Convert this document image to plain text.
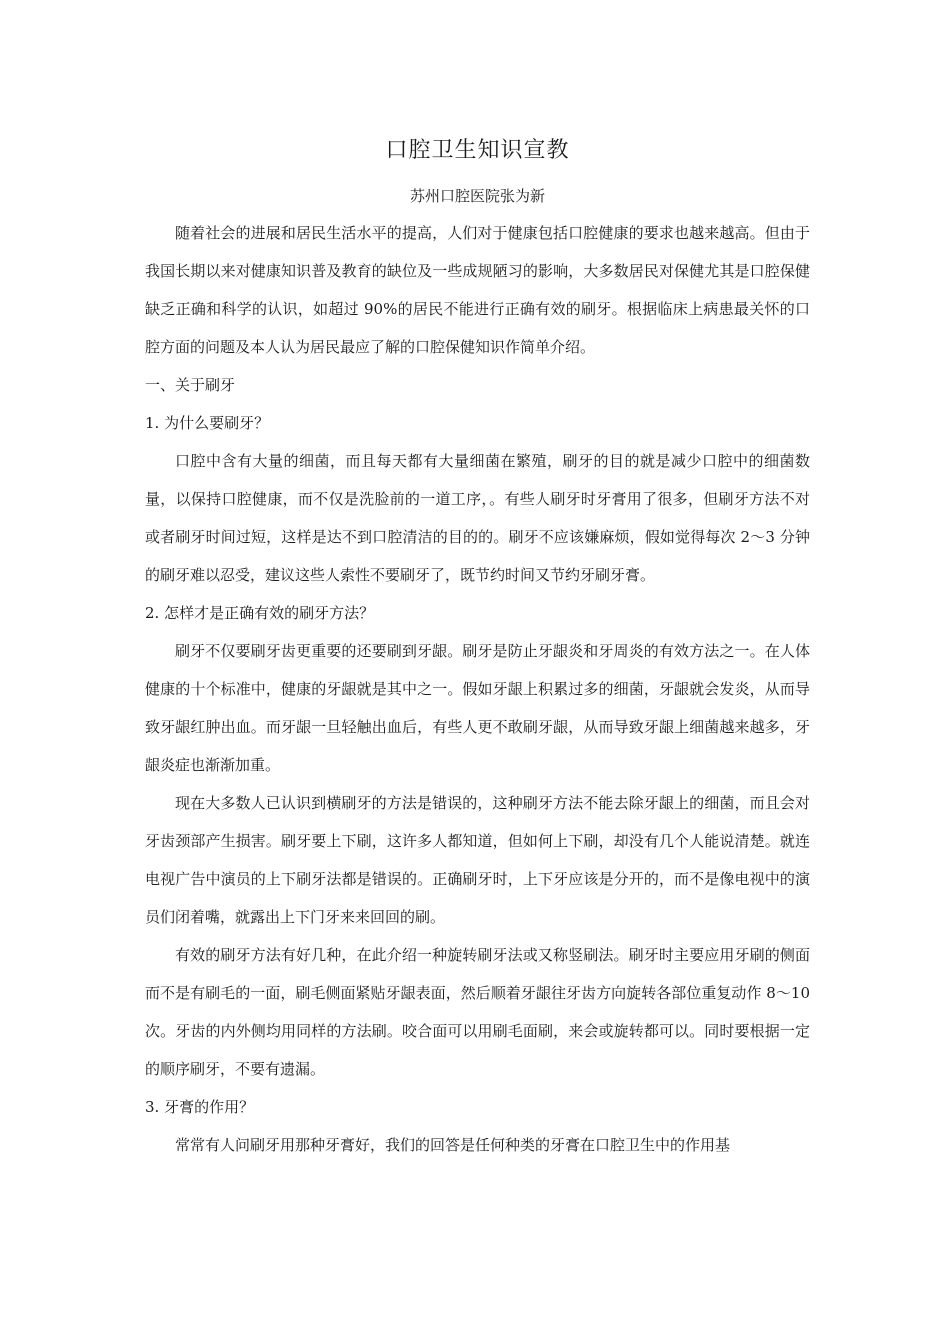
口腔卫生知识宣教

苏州口腔医院张为新

随着社会的进展和居民生活水平的提高，人们对于健康包括口腔健康的要求也越来越高。但由于我国长期以来对健康知识普及教育的缺位及一些成规陋习的影响，大多数居民对保健尤其是口腔保健缺乏正确和科学的认识，如超过 90%的居民不能进行正确有效的刷牙。根据临床上病患最关怀的口腔方面的问题及本人认为居民最应了解的口腔保健知识作简单介绍。

一、关于刷牙

1. 为什么要刷牙？

口腔中含有大量的细菌，而且每天都有大量细菌在繁殖，刷牙的目的就是减少口腔中的细菌数量，以保持口腔健康，而不仅是洗脸前的一道工序，。有些人刷牙时牙膏用了很多，但刷牙方法不对或者刷牙时间过短，这样是达不到口腔清洁的目的的。刷牙不应该嫌麻烦，假如觉得每次 2～3 分钟的刷牙难以忍受，建议这些人索性不要刷牙了，既节约时间又节约牙刷牙膏。

2. 怎样才是正确有效的刷牙方法？

刷牙不仅要刷牙齿更重要的还要刷到牙龈。刷牙是防止牙龈炎和牙周炎的有效方法之一。在人体健康的十个标准中，健康的牙龈就是其中之一。假如牙龈上积累过多的细菌，牙龈就会发炎，从而导致牙龈红肿出血。而牙龈一旦轻触出血后，有些人更不敢刷牙龈，从而导致牙龈上细菌越来越多，牙龈炎症也渐渐加重。

现在大多数人已认识到横刷牙的方法是错误的，这种刷牙方法不能去除牙龈上的细菌，而且会对牙齿颈部产生损害。刷牙要上下刷，这许多人都知道，但如何上下刷，却没有几个人能说清楚。就连电视广告中演员的上下刷牙法都是错误的。正确刷牙时，上下牙应该是分开的，而不是像电视中的演员们闭着嘴，就露出上下门牙来来回回的刷。

有效的刷牙方法有好几种，在此介绍一种旋转刷牙法或又称竖刷法。刷牙时主要应用牙刷的侧面而不是有刷毛的一面，刷毛侧面紧贴牙龈表面，然后顺着牙龈往牙齿方向旋转各部位重复动作 8～10 次。牙齿的内外侧均用同样的方法刷。咬合面可以用刷毛面刷，来会或旋转都可以。同时要根据一定的顺序刷牙，不要有遗漏。

3. 牙膏的作用？

常常有人问刷牙用那种牙膏好，我们的回答是任何种类的牙膏在口腔卫生中的作用基
